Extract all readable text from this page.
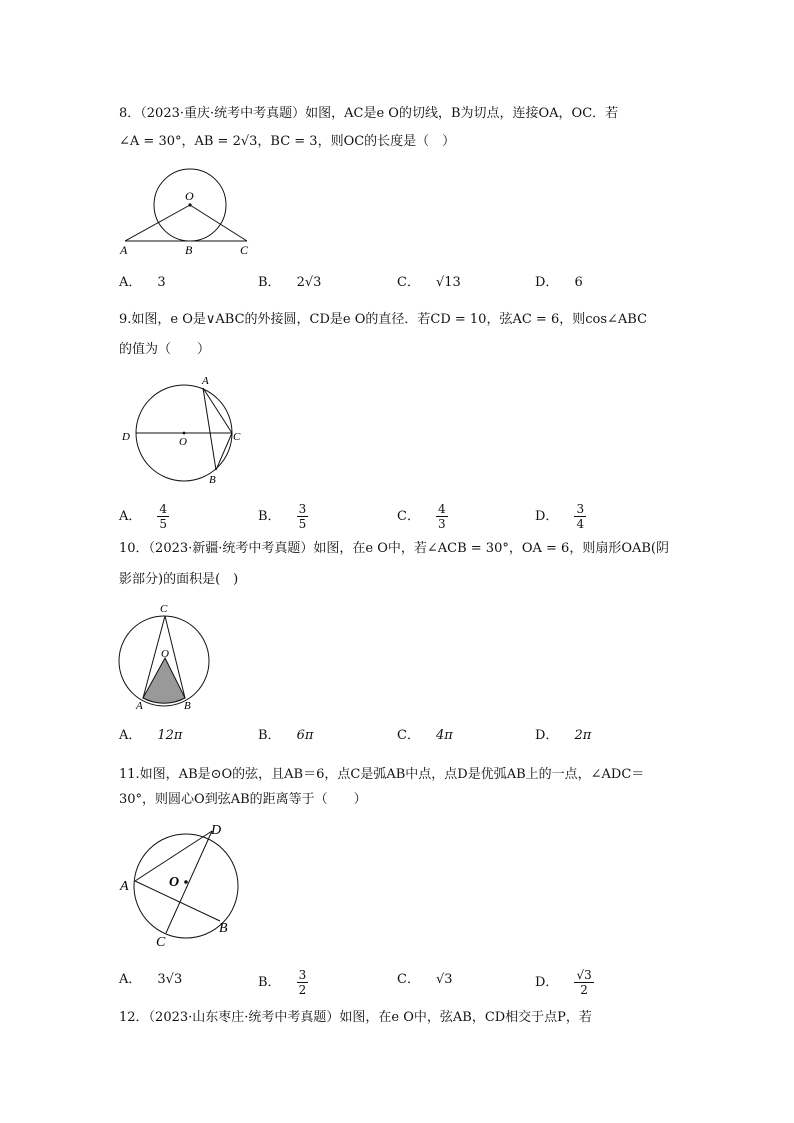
8．（2023·重庆·统考中考真题）如图，AC是e O的切线，B为切点，连接OA，OC．若
∠A = 30°，AB = 2√3，BC = 3，则OC的长度是（　）
O
A	B	C
A． 3	B． 2√3	C． √13	D． 6
9.如图，e O是∨ABC的外接圆，CD是e O的直径．若CD = 10，弦AC = 6，则cos∠ABC
的值为（　　）
A
D	O	C
B
A． $\frac{4}{5}$	B． $\frac{3}{5}$	C． $\frac{4}{3}$	D． $\frac{3}{4}$
10．（2023·新疆·统考中考真题）如图，在e O中，若∠ACB = 30°，OA = 6，则扇形OAB(阴
影部分)的面积是(　)
C
O
A	B
A． 12π	B． 6π	C． 4π	D． 2π
11.如图，AB是⊙O的弦，且AB＝6，点C是弧AB中点，点D是优弧AB上的一点，∠ADC＝
30°，则圆心O到弦AB的距离等于（　　）
D
A	O
B
C
A． 3√3	B． $\frac{3}{2}$	C． √3	D． $\frac{√3}{2}$
12．（2023·山东枣庄·统考中考真题）如图，在e O中，弦AB，CD相交于点P，若
